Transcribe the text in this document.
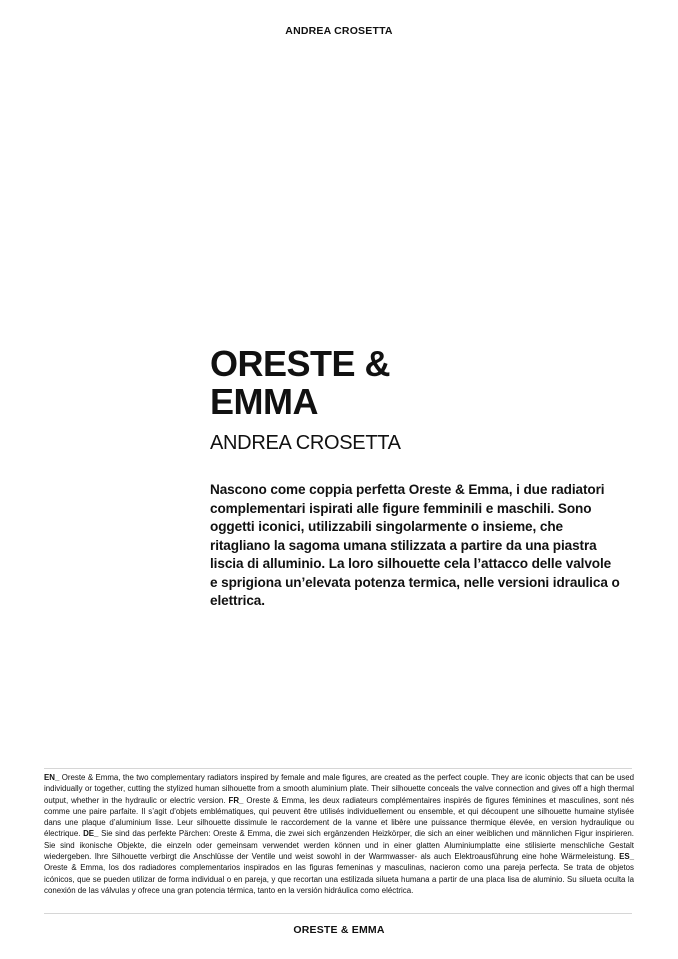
ANDREA CROSETTA
ORESTE &
EMMA
ANDREA CROSETTA
Nascono come coppia perfetta Oreste & Emma, i due radiatori complementari ispirati alle figure femminili e maschili. Sono oggetti iconici, utilizzabili singolarmente o insieme, che ritagliano la sagoma umana stilizzata a partire da una piastra liscia di alluminio. La loro silhouette cela l’attacco delle valvole e sprigiona un’elevata potenza termica, nelle versioni idraulica o elettrica.
EN_ Oreste & Emma, the two complementary radiators inspired by female and male figures, are created as the perfect couple. They are iconic objects that can be used individually or together, cutting the stylized human silhouette from a smooth aluminium plate. Their silhouette conceals the valve connection and gives off a high thermal output, whether in the hydraulic or electric version. FR_ Oreste & Emma, les deux radiateurs complémentaires inspirés de figures féminines et masculines, sont nés comme une paire parfaite. Il s’agit d’objets emblématiques, qui peuvent être utilisés individuellement ou ensemble, et qui découpent une silhouette humaine stylisée dans une plaque d’aluminium lisse. Leur silhouette dissimule le raccordement de la vanne et libère une puissance thermique élevée, en version hydraulique ou électrique. DE_ Sie sind das perfekte Pärchen: Oreste & Emma, die zwei sich ergänzenden Heizkörper, die sich an einer weiblichen und männlichen Figur inspirieren. Sie sind ikonische Objekte, die einzeln oder gemeinsam verwendet werden können und in einer glatten Aluminiumplatte eine stilisierte menschliche Gestalt wiedergeben. Ihre Silhouette verbirgt die Anschlüsse der Ventile und weist sowohl in der Warmwasser- als auch Elektroausführung eine hohe Wärmeleistung. ES_ Oreste & Emma, los dos radiadores complementarios inspirados en las figuras femeninas y masculinas, nacieron como una pareja perfecta. Se trata de objetos icónicos, que se pueden utilizar de forma individual o en pareja, y que recortan una estilizada silueta humana a partir de una placa lisa de aluminio. Su silueta oculta la conexión de las válvulas y ofrece una gran potencia térmica, tanto en la versión hidráulica como eléctrica.
ORESTE & EMMA
